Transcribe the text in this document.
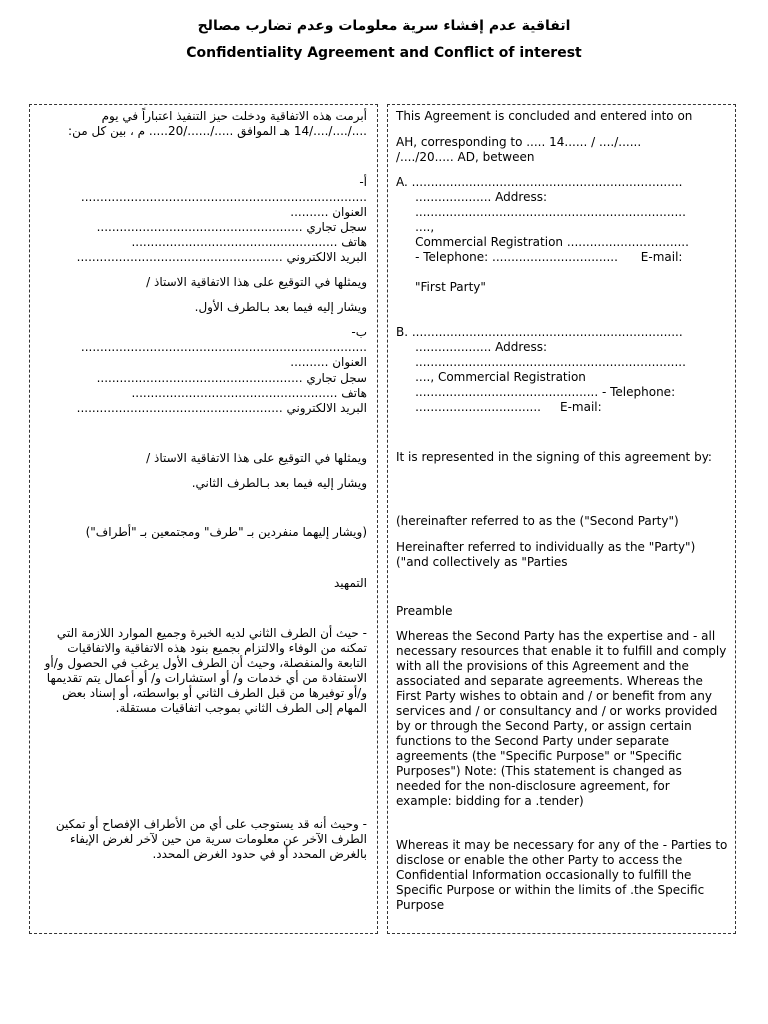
اتفاقية عدم إفشاء سرية معلومات وعدم تضارب مصالح
Confidentiality Agreement and Conflict of interest
أبرمت هذه الاتفاقية ودخلت حيز التنفيذ اعتباراً في يوم ..../..../..../14 هـ الموافق ...../....../20..... م ، بين كل من:
أ-
...........................................................................
العنوان ..........
سجل تجاري ......................................................
هاتف ......................................................
البريد الالكتروني ......................................................
ويمثلها في التوقيع على هذا الاتفاقية الاستاذ /
ويشار إليه فيما بعد بـالطرف الأول.
ب-
...........................................................................
العنوان ..........
سجل تجاري ......................................................
هاتف ......................................................
البريد الالكتروني ......................................................
ويمثلها في التوقيع على هذا الاتفاقية الاستاذ /
ويشار إليه فيما بعد بـالطرف الثاني.
(ويشار إليهما منفردين بـ "طرف" ومجتمعين بـ "أطراف")
التمهيد
- حيث أن الطرف الثاني لديه الخبرة وجميع الموارد اللازمة التي تمكنه من الوفاء والالتزام بجميع بنود هذه الاتفاقية والاتفاقيات التابعة والمنفصلة، وحيث أن الطرف الأول يرغب في الحصول و/أو الاستفادة من أي خدمات و/ أو استشارات و/ أو أعمال يتم تقديمها و/أو توفيرها من قبل الطرف الثاني أو بواسطته، أو إسناد بعض المهام إلى الطرف الثاني بموجب اتفاقيات مستقلة.
- وحيث أنه قد يستوجب على أي من الأطراف الإفصاح أو تمكين الطرف الآخر عن معلومات سرية من حين لآخر لغرض الإيفاء بالغرض المحدد أو في حدود الغرض المحدد.
This Agreement is concluded and entered into on
AH, corresponding to ..... 14...... / ..../......
/..../20..... AD, between
A. .......................................................................
.................... Address:
.......................................................................
....,
Commercial Registration ................................
- Telephone: .................................      E-mail:
"First Party"
B. .......................................................................
.................... Address:
.......................................................................
...., Commercial Registration
................................................ - Telephone:
.................................     E-mail:
It is represented in the signing of this agreement by:
(hereinafter referred to as the ("Second Party")
Hereinafter referred to individually as the "Party") ("and collectively as "Parties
Preamble
Whereas the Second Party has the expertise and - all necessary resources that enable it to fulfill and comply with all the provisions of this Agreement and the associated and separate agreements. Whereas the First Party wishes to obtain and / or benefit from any services and / or consultancy and / or works provided by or through the Second Party, or assign certain functions to the Second Party under separate agreements (the "Specific Purpose" or "Specific Purposes") Note: (This statement is changed as needed for the non-disclosure agreement, for example: bidding for a .tender)
Whereas it may be necessary for any of the - Parties to disclose or enable the other Party to access the Confidential Information occasionally to fulfill the Specific Purpose or within the limits of .the Specific Purpose
